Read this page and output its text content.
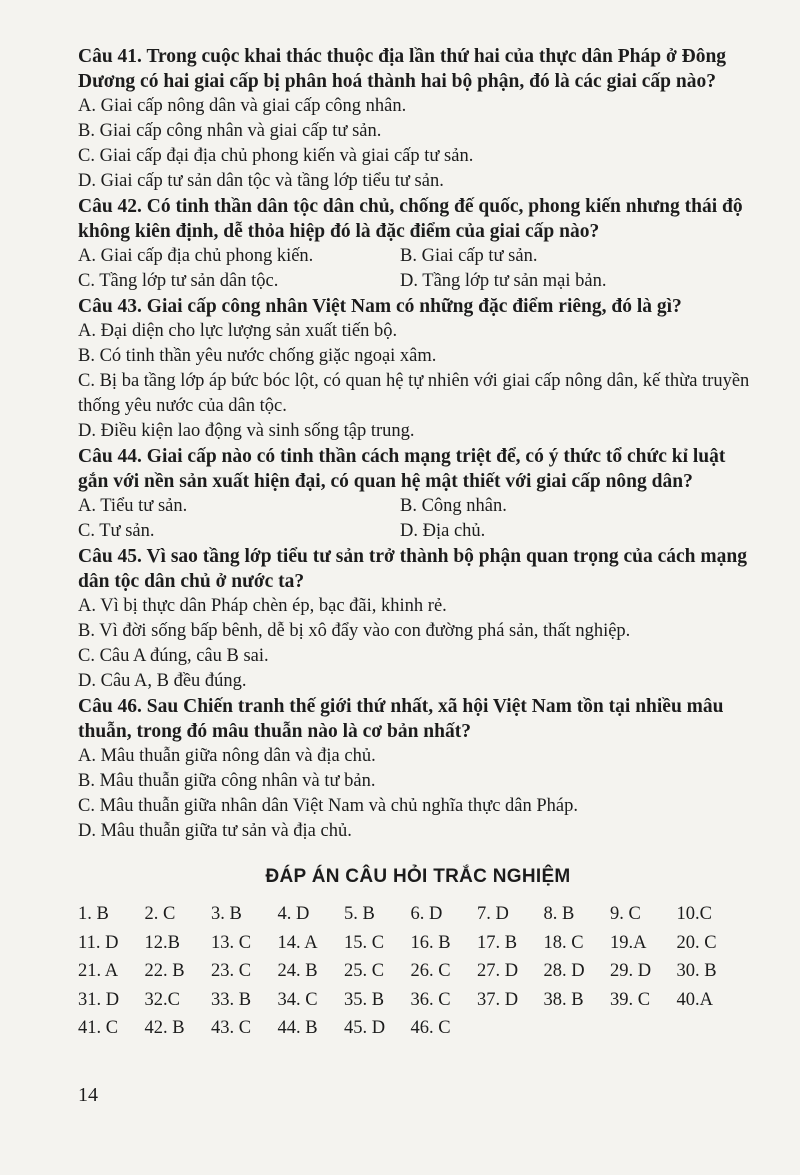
Câu 41. Trong cuộc khai thác thuộc địa lần thứ hai của thực dân Pháp ở Đông Dương có hai giai cấp bị phân hoá thành hai bộ phận, đó là các giai cấp nào?

A. Giai cấp nông dân và giai cấp công nhân.

B. Giai cấp công nhân và giai cấp tư sản.

C. Giai cấp đại địa chủ phong kiến và giai cấp tư sản.

D. Giai cấp tư sản dân tộc và tầng lớp tiểu tư sản.

Câu 42. Có tinh thần dân tộc dân chủ, chống đế quốc, phong kiến nhưng thái độ không kiên định, dễ thỏa hiệp đó là đặc điểm của giai cấp nào?

A. Giai cấp địa chủ phong kiến.	B. Giai cấp tư sản.
C. Tầng lớp tư sản dân tộc.	D. Tầng lớp tư sản mại bản.

Câu 43. Giai cấp công nhân Việt Nam có những đặc điểm riêng, đó là gì?

A. Đại diện cho lực lượng sản xuất tiến bộ.

B. Có tinh thần yêu nước chống giặc ngoại xâm.

C. Bị ba tầng lớp áp bức bóc lột, có quan hệ tự nhiên với giai cấp nông dân, kế thừa truyền thống yêu nước của dân tộc.

D. Điều kiện lao động và sinh sống tập trung.

Câu 44. Giai cấp nào có tinh thần cách mạng triệt để, có ý thức tổ chức kỉ luật gắn với nền sản xuất hiện đại, có quan hệ mật thiết với giai cấp nông dân?

A. Tiểu tư sản.	B. Công nhân.
C. Tư sản.	D. Địa chủ.

Câu 45. Vì sao tầng lớp tiểu tư sản trở thành bộ phận quan trọng của cách mạng dân tộc dân chủ ở nước ta?

A. Vì bị thực dân Pháp chèn ép, bạc đãi, khinh rẻ.

B. Vì đời sống bấp bênh, dễ bị xô đẩy vào con đường phá sản, thất nghiệp.

C. Câu A đúng, câu B sai.

D. Câu A, B đều đúng.

Câu 46. Sau Chiến tranh thế giới thứ nhất, xã hội Việt Nam tồn tại nhiều mâu thuẫn, trong đó mâu thuẫn nào là cơ bản nhất?

A. Mâu thuẫn giữa nông dân và địa chủ.

B. Mâu thuẫn giữa công nhân và tư bản.

C. Mâu thuẫn giữa nhân dân Việt Nam và chủ nghĩa thực dân Pháp.

D. Mâu thuẫn giữa tư sản và địa chủ.

ĐÁP ÁN CÂU HỎI TRẮC NGHIỆM
1. B	2. C	3. B	4. D	5. B	6. D	7. D	8. B	9. C	10.C
11. D	12.B	13. C	14. A	15. C	16. B	17. B	18. C	19.A	20. C
21. A	22. B	23. C	24. B	25. C	26. C	27. D	28. D	29. D	30. B
31. D	32.C	33. B	34. C	35. B	36. C	37. D	38. B	39. C	40.A
41. C	42. B	43. C	44. B	45. D	46. C
14
